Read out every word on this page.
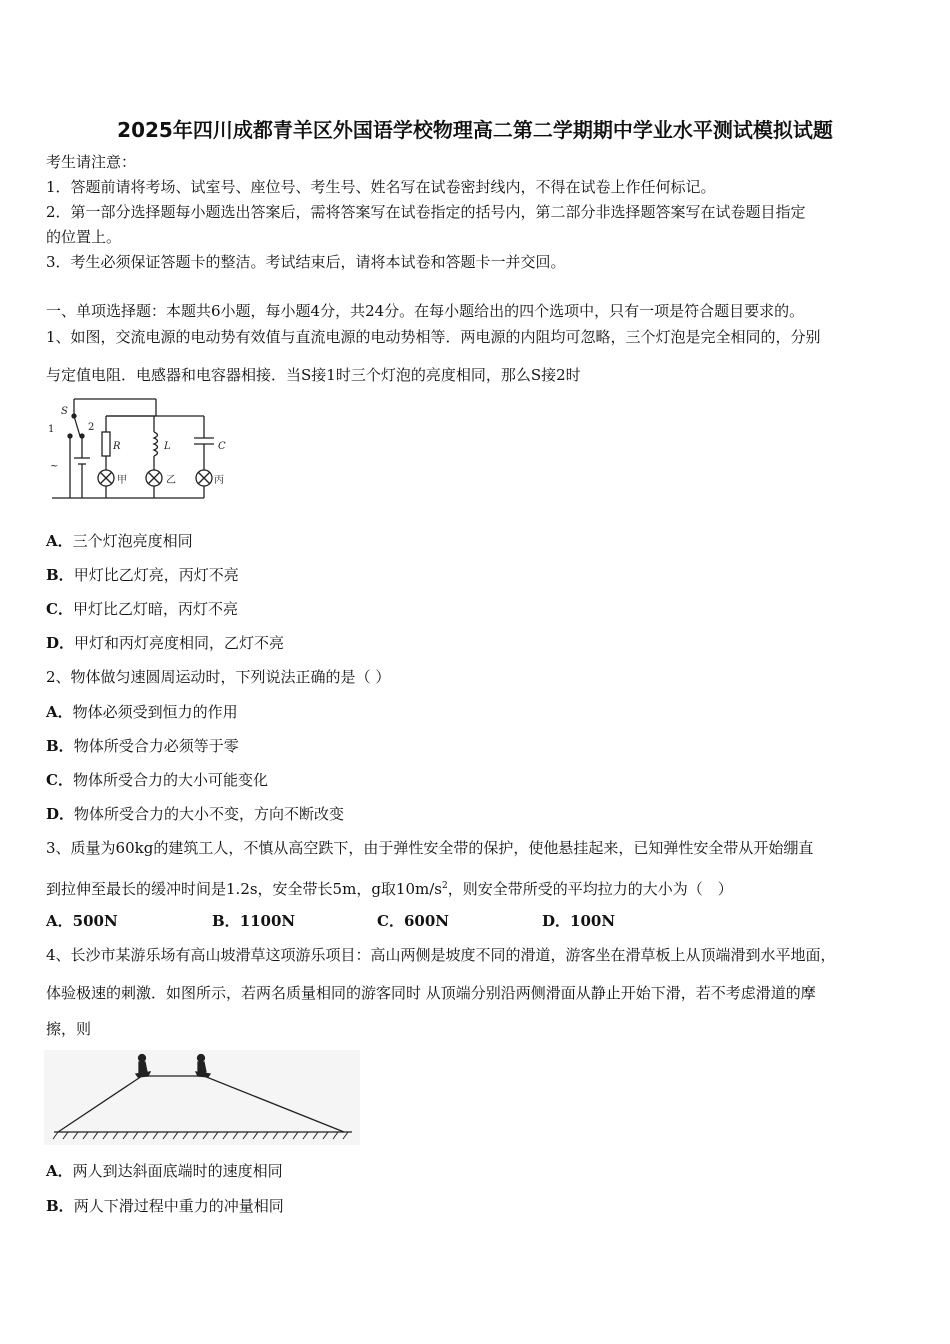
2025年四川成都青羊区外国语学校物理高二第二学期期中学业水平测试模拟试题
考生请注意：
1．答题前请将考场、试室号、座位号、考生号、姓名写在试卷密封线内，不得在试卷上作任何标记。
2．第一部分选择题每小题选出答案后，需将答案写在试卷指定的括号内，第二部分非选择题答案写在试卷题目指定
的位置上。
3．考生必须保证答题卡的整洁。考试结束后，请将本试卷和答题卡一并交回。
一、单项选择题：本题共6小题，每小题4分，共24分。在每小题给出的四个选项中，只有一项是符合题目要求的。
1、如图，交流电源的电动势有效值与直流电源的电动势相等．两电源的内阻均可忽略，三个灯泡是完全相同的，分别
与定值电阻．电感器和电容器相接．当S接1时三个灯泡的亮度相同，那么S接2时
S
1	2
~
R
甲
L
乙
C
丙
A．三个灯泡亮度相同
B．甲灯比乙灯亮，丙灯不亮
C．甲灯比乙灯暗，丙灯不亮
D．甲灯和丙灯亮度相同，乙灯不亮
2、物体做匀速圆周运动时，下列说法正确的是（ ）
A．物体必须受到恒力的作用
B．物体所受合力必须等于零
C．物体所受合力的大小可能变化
D．物体所受合力的大小不变，方向不断改变
3、质量为60kg的建筑工人，不慎从高空跌下，由于弹性安全带的保护，使他悬挂起来，已知弹性安全带从开始绷直
到拉伸至最长的缓冲时间是1.2s，安全带长5m，g取$10m/s^2$，则安全带所受的平均拉力的大小为（　）
A．500N	B．1100N	C．600N	D．100N
4、长沙市某游乐场有高山坡滑草这项游乐项目：高山两侧是坡度不同的滑道，游客坐在滑草板上从顶端滑到水平地面，
体验极速的刺激．如图所示，若两名质量相同的游客同时 从顶端分别沿两侧滑面从静止开始下滑，若不考虑滑道的摩
擦，则
A．两人到达斜面底端时的速度相同
B．两人下滑过程中重力的冲量相同
